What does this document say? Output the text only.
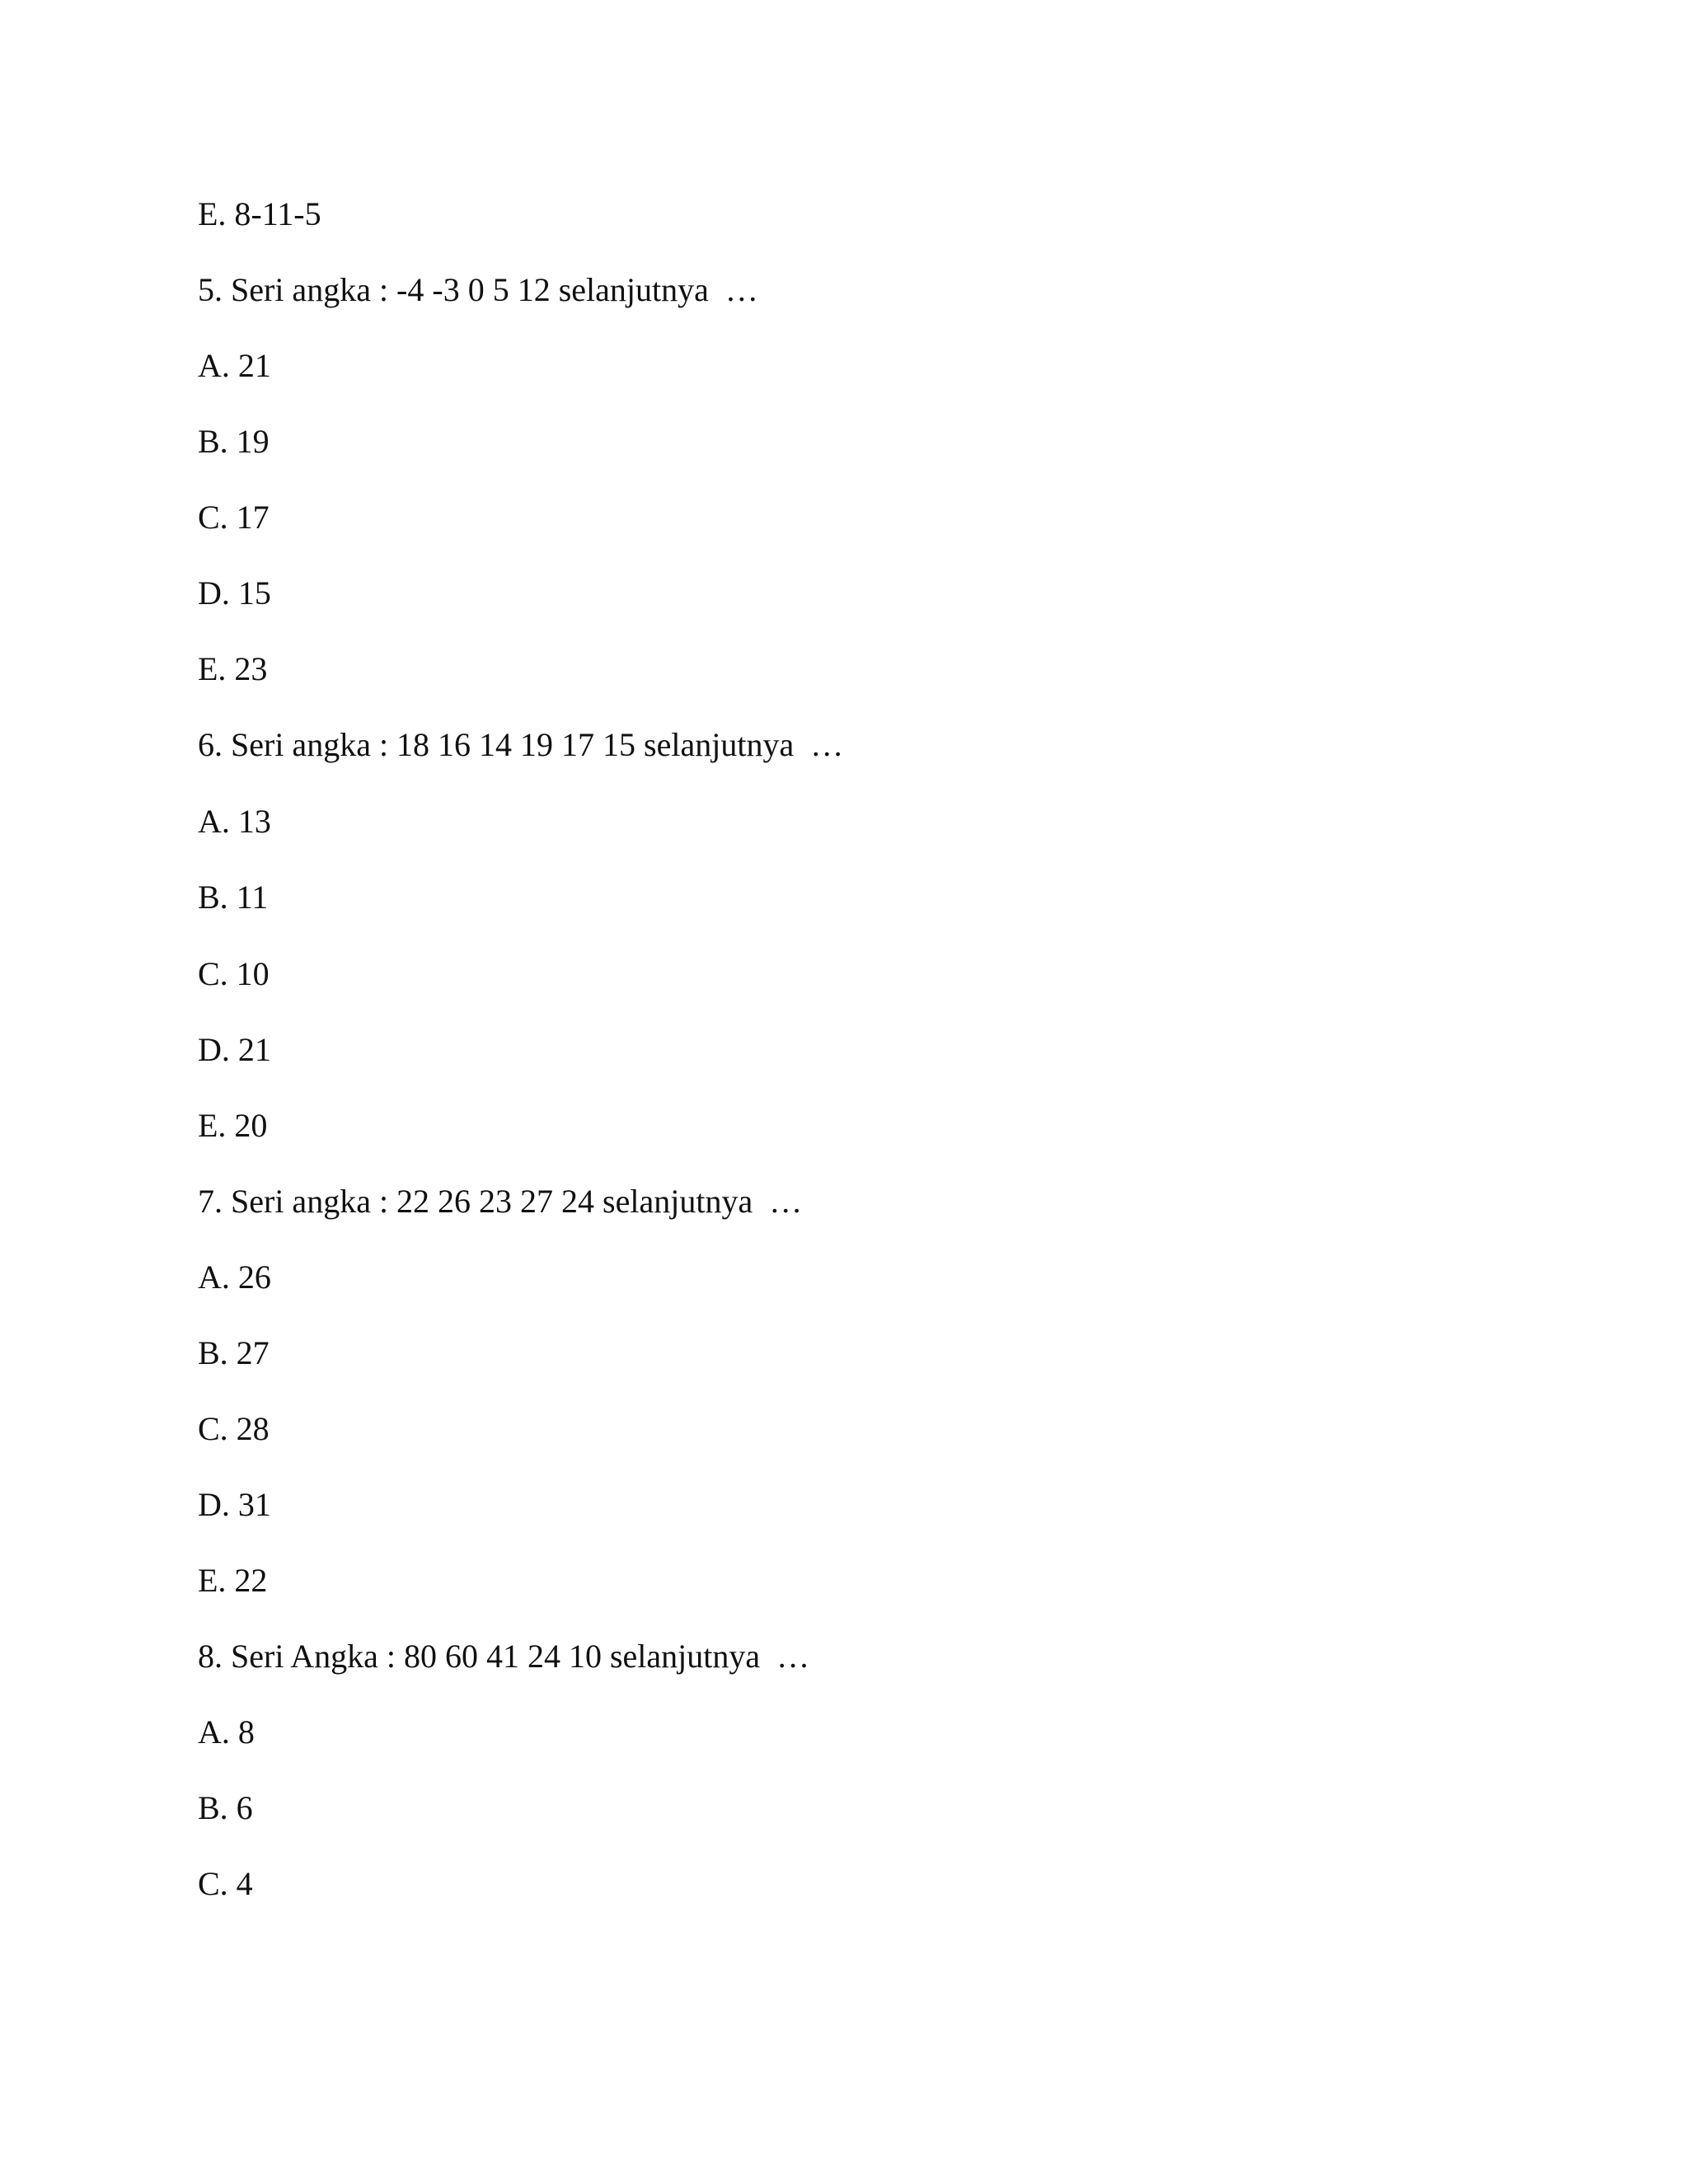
E. 8-11-5

5. Seri angka : -4 -3 0 5 12 selanjutnya  …

A. 21

B. 19

C. 17

D. 15

E. 23

6. Seri angka : 18 16 14 19 17 15 selanjutnya  …

A. 13

B. 11

C. 10

D. 21

E. 20

7. Seri angka : 22 26 23 27 24 selanjutnya  …

A. 26

B. 27

C. 28

D. 31

E. 22

8. Seri Angka : 80 60 41 24 10 selanjutnya  …

A. 8

B. 6

C. 4
